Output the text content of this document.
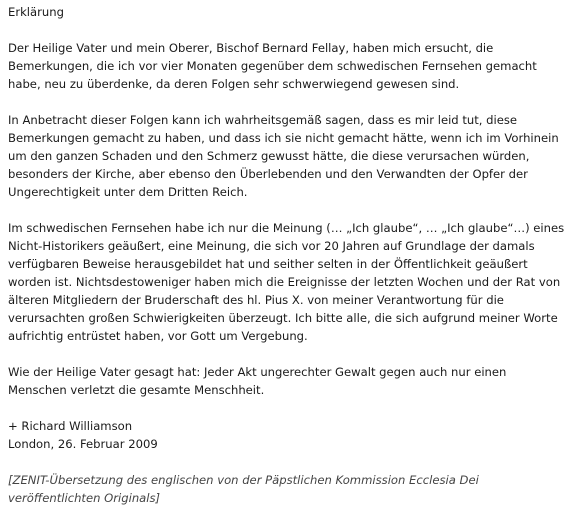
Erklärung

Der Heilige Vater und mein Oberer, Bischof Bernard Fellay, haben mich ersucht, die Bemerkungen, die ich vor vier Monaten gegenüber dem schwedischen Fernsehen gemacht habe, neu zu überdenke, da deren Folgen sehr schwerwiegend gewesen sind.

In Anbetracht dieser Folgen kann ich wahrheitsgemäß sagen, dass es mir leid tut, diese Bemerkungen gemacht zu haben, und dass ich sie nicht gemacht hätte, wenn ich im Vorhinein um den ganzen Schaden und den Schmerz gewusst hätte, die diese verursachen würden, besonders der Kirche, aber ebenso den Überlebenden und den Verwandten der Opfer der Ungerechtigkeit unter dem Dritten Reich.

Im schwedischen Fernsehen habe ich nur die Meinung (… „Ich glaube“, … „Ich glaube“…) eines Nicht-Historikers geäußert, eine Meinung, die sich vor 20 Jahren auf Grundlage der damals verfügbaren Beweise herausgebildet hat und seither selten in der Öffentlichkeit geäußert worden ist. Nichtsdestoweniger haben mich die Ereignisse der letzten Wochen und der Rat von älteren Mitgliedern der Bruderschaft des hl. Pius X. von meiner Verantwortung für die verursachten großen Schwierigkeiten überzeugt. Ich bitte alle, die sich aufgrund meiner Worte aufrichtig entrüstet haben, vor Gott um Vergebung.

Wie der Heilige Vater gesagt hat: Jeder Akt ungerechter Gewalt gegen auch nur einen Menschen verletzt die gesamte Menschheit.

+ Richard Williamson

London, 26. Februar 2009

[ZENIT-Übersetzung des englischen von der Päpstlichen Kommission Ecclesia Dei veröffentlichten Originals]
